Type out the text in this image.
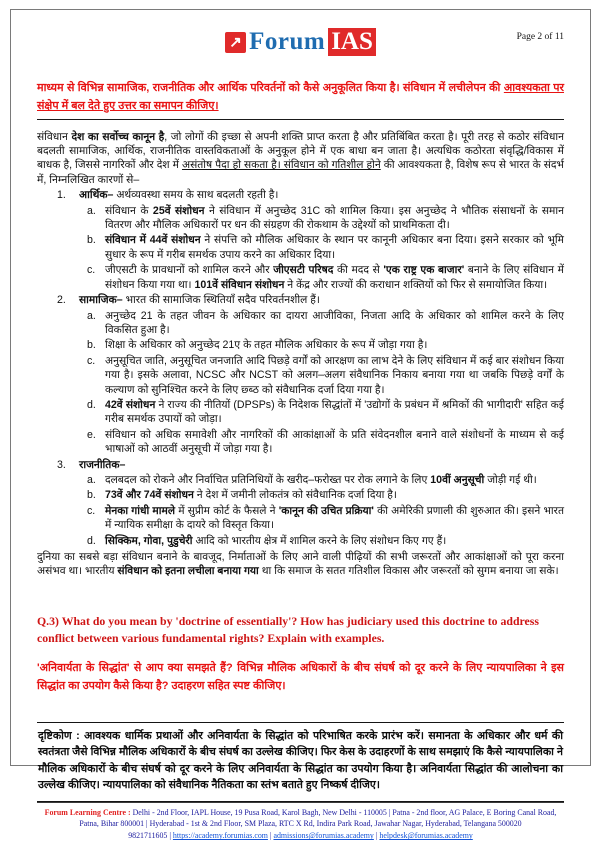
↗ Forum IAS	Page 2 of 11
माध्यम से विभिन्न सामाजिक, राजनीतिक और आर्थिक परिवर्तनों को कैसे अनुकूलित किया है। संविधान में लचीलेपन की आवश्यकता पर संक्षेप में बल देते हुए उत्तर का समापन कीजिए।
संविधान देश का सर्वोच्च कानून है, जो लोगों की इच्छा से अपनी शक्ति प्राप्त करता है और प्रतिबिंबित करता है। पूरी तरह से कठोर संविधान बदलती सामाजिक, आर्थिक, राजनीतिक वास्तविकताओं के अनुकूल होने में एक बाधा बन जाता है। अत्यधिक कठोरता संवृद्धि/विकास में बाधक है, जिससे नागरिकों और देश में असंतोष पैदा हो सकता है। संविधान को गतिशील होने की आवश्यकता है, विशेष रूप से भारत के संदर्भ में, निम्नलिखित कारणों से–
1.	आर्थिक– अर्थव्यवस्था समय के साथ बदलती रहती है।
a. संविधान के 25वें संशोधन ने संविधान में अनुच्छेद 31C को शामिल किया। इस अनुच्छेद ने भौतिक संसाधनों के समान वितरण और मौलिक अधिकारों पर धन की संग्रहण की रोकथाम के उद्देश्यों को प्राथमिकता दी।
b. संविधान में 44वें संशोधन ने संपत्ति को मौलिक अधिकार के स्थान पर कानूनी अधिकार बना दिया। इसने सरकार को भूमि सुधार के रूप में गरीब समर्थक उपाय करने का अधिकार दिया।
c. जीएसटी के प्रावधानों को शामिल करने और जीएसटी परिषद की मदद से 'एक राष्ट्र एक बाजार' बनाने के लिए संविधान में संशोधन किया गया था। 101वें संविधान संशोधन ने केंद्र और राज्यों की कराधान शक्तियों को फिर से समायोजित किया।
2.	सामाजिक– भारत की सामाजिक स्थितियाँ सदैव परिवर्तनशील हैं।
a. अनुच्छेद 21 के तहत जीवन के अधिकार का दायरा आजीविका, निजता आदि के अधिकार को शामिल करने के लिए विकसित हुआ है।
b. शिक्षा के अधिकार को अनुच्छेद 21ए के तहत मौलिक अधिकार के रूप में जोड़ा गया है।
c. अनुसूचित जाति, अनुसूचित जनजाति आदि पिछड़े वर्गों को आरक्षण का लाभ देने के लिए संविधान में कई बार संशोधन किया गया है। इसके अलावा, NCSC और NCST को अलग–अलग संवैधानिक निकाय बनाया गया था जबकि पिछड़े वर्गों के कल्याण को सुनिश्चित करने के लिए छ्ब्ठ को संवैधानिक दर्जा दिया गया है।
d. 42वें संशोधन ने राज्य की नीतियों (DPSPs) के निदेशक सिद्धांतों में 'उद्योगों के प्रबंधन में श्रमिकों की भागीदारी' सहित कई गरीब समर्थक उपायों को जोड़ा।
e. संविधान को अधिक समावेशी और नागरिकों की आकांक्षाओं के प्रति संवेदनशील बनाने वाले संशोधनों के माध्यम से कई भाषाओं को आठवीं अनुसूची में जोड़ा गया है।
3.	राजनीतिक–
a. दलबदल को रोकने और निर्वाचित प्रतिनिधियों के खरीद–फरोख्त पर रोक लगाने के लिए 10वीं अनुसूची जोड़ी गई थी।
b. 73वें और 74वें संशोधन ने देश में जमीनी लोकतंत्र को संवैधानिक दर्जा दिया है।
c. मेनका गांधी मामले में सुप्रीम कोर्ट के फैसले ने 'कानून की उचित प्रक्रिया' की अमेरिकी प्रणाली की शुरुआत की। इसने भारत में न्यायिक समीक्षा के दायरे को विस्तृत किया।
d. सिक्किम, गोवा, पुडुचेरी आदि को भारतीय क्षेत्र में शामिल करने के लिए संशोधन किए गए हैं।
दुनिया का सबसे बड़ा संविधान बनाने के बावजूद, निर्माताओं के लिए आने वाली पीढ़ियों की सभी जरूरतों और आकांक्षाओं को पूरा करना असंभव था। भारतीय संविधान को इतना लचीला बनाया गया था कि समाज के सतत गतिशील विकास और जरूरतों को सुगम बनाया जा सके।
Q.3) What do you mean by 'doctrine of essentially'? How has judiciary used this doctrine to address conflict between various fundamental rights? Explain with examples.
'अनिवार्यता के सिद्धांत' से आप क्या समझते हैं? विभिन्न मौलिक अधिकारों के बीच संघर्ष को दूर करने के लिए न्यायपालिका ने इस सिद्धांत का उपयोग कैसे किया है? उदाहरण सहित स्पष्ट कीजिए।
दृष्टिकोण : आवश्यक धार्मिक प्रथाओं और अनिवार्यता के सिद्धांत को परिभाषित करके प्रारंभ करें। समानता के अधिकार और धर्म की स्वतंत्रता जैसे विभिन्न मौलिक अधिकारों के बीच संघर्ष का उल्लेख कीजिए। फिर केस के उदाहरणों के साथ समझाएं कि कैसे न्यायपालिका ने मौलिक अधिकारों के बीच संघर्ष को दूर करने के लिए अनिवार्यता के सिद्धांत का उपयोग किया है। अनिवार्यता सिद्धांत की आलोचना का उल्लेख कीजिए। न्यायपालिका को संवैधानिक नैतिकता का स्तंभ बताते हुए निष्कर्ष दीजिए।
Forum Learning Centre : Delhi - 2nd Floor, IAPL House, 19 Pusa Road, Karol Bagh, New Delhi - 110005 | Patna - 2nd floor, AG Palace, E Boring Canal Road, Patna, Bihar 800001 | Hyderabad - 1st & 2nd Floor, SM Plaza, RTC X Rd, Indira Park Road, Jawahar Nagar, Hyderabad, Telangana 500020
9821711605 | https://academy.forumias.com | admissions@forumias.academy | helpdesk@forumias.academy
